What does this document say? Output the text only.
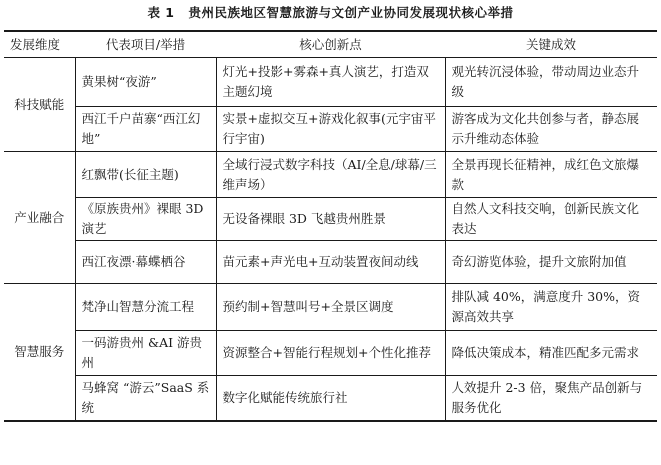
表 1 贵州民族地区智慧旅游与文创产业协同发展现状核心举措
发展维度	代表项目/举措	核心创新点	关键成效
科技赋能	黄果树“夜游”	灯光+投影+雾森+真人演艺，打造双主题幻境	观光转沉浸体验，带动周边业态升级
	西江千户苗寨“西江幻地”	实景+虚拟交互+游戏化叙事(元宇宙平行宇宙)	游客成为文化共创参与者，静态展示升维动态体验
产业融合	红飘带(长征主题)	全域行浸式数字科技（AI/全息/球幕/三维声场）	全景再现长征精神，成红色文旅爆款
	《原族贵州》裸眼 3D 演艺	无设备裸眼 3D 飞越贵州胜景	自然人文科技交响，创新民族文化表达
	西江夜漂·幕蝶栖谷	苗元素+声光电+互动装置夜间动线	奇幻游览体验，提升文旅附加值
智慧服务	梵净山智慧分流工程	预约制+智慧叫号+全景区调度	排队减 40%，满意度升 30%，资源高效共享
	一码游贵州 &AI 游贵州	资源整合+智能行程规划+个性化推荐	降低决策成本，精准匹配多元需求
	马蜂窝 “游云”SaaS 系统	数字化赋能传统旅行社	人效提升 2-3 倍，聚焦产品创新与服务优化
